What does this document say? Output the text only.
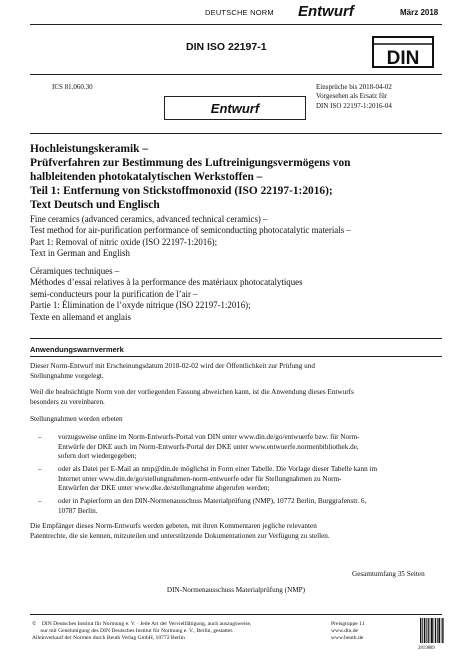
DEUTSCHE NORM Entwurf	März 2018
DIN ISO 22197-1
DIN
ICS 81.060.30	Einsprüche bis 2018-04-02
Vorgesehen als Ersatz für
DIN ISO 22197-1:2016-04
Entwurf
Hochleistungskeramik –
Prüfverfahren zur Bestimmung des Luftreinigungsvermögens von
halbleitenden photokatalytischen Werkstoffen –
Teil 1: Entfernung von Stickstoffmonoxid (ISO 22197-1:2016);
Text Deutsch und Englisch
Fine ceramics (advanced ceramics, advanced technical ceramics) –
Test method for air-purification performance of semiconducting photocatalytic materials –
Part 1: Removal of nitric oxide (ISO 22197-1:2016);
Text in German and English
Céramiques techniques –
Méthodes d’essai relatives à la performance des matériaux photocatalytiques
semi-conducteurs pour la purification de l’air –
Partie 1: Élimination de l’oxyde nitrique (ISO 22197-1:2016);
Texte en allemand et anglais
Anwendungswarnvermerk
Dieser Norm-Entwurf mit Erscheinungsdatum 2018-02-02 wird der Öffentlichkeit zur Prüfung und
Stellungnahme vorgelegt.
Weil die beabsichtigte Norm von der vorliegenden Fassung abweichen kann, ist die Anwendung dieses Entwurfs
besonders zu vereinbaren.
Stellungnahmen werden erbeten
– vorzugsweise online im Norm-Entwurfs-Portal von DIN unter www.din.de/go/entwuerfe bzw. für Norm-
Entwürfe der DKE auch im Norm-Entwurfs-Portal der DKE unter www.entwuerfe.normenbibliothek.de,
sofern dort wiedergegeben;
– oder als Datei per E-Mail an nmp@din.de möglichst in Form einer Tabelle. Die Vorlage dieser Tabelle kann im
Internet unter www.din.de/go/stellungnahmen-norm-entwuerfe oder für Stellungnahmen zu Norm-
Entwürfen der DKE unter www.dke.de/stellungnahme abgerufen werden;
– oder in Papierform an den DIN-Normenausschuss Materialprüfung (NMP), 10772 Berlin, Burggrafenstr. 6,
10787 Berlin.
Die Empfänger dieses Norm-Entwurfs werden gebeten, mit ihren Kommentaren jegliche relevanten
Patentrechte, die sie kennen, mitzuteilen und unterstützende Dokumentationen zur Verfügung zu stellen.
Gesamtumfang 35 Seiten
DIN-Normenausschuss Materialprüfung (NMP)
©    DIN Deutsches Institut für Normung e. V. · Jede Art der Vervielfältigung, auch auszugsweise,
nur mit Genehmigung des DIN Deutsches Institut für Normung e. V., Berlin, gestattet.
Alleinverkauf der Normen durch Beuth Verlag GmbH, 10772 Berlin
Preisgruppe 11
www.din.de
www.beuth.de
2819889
